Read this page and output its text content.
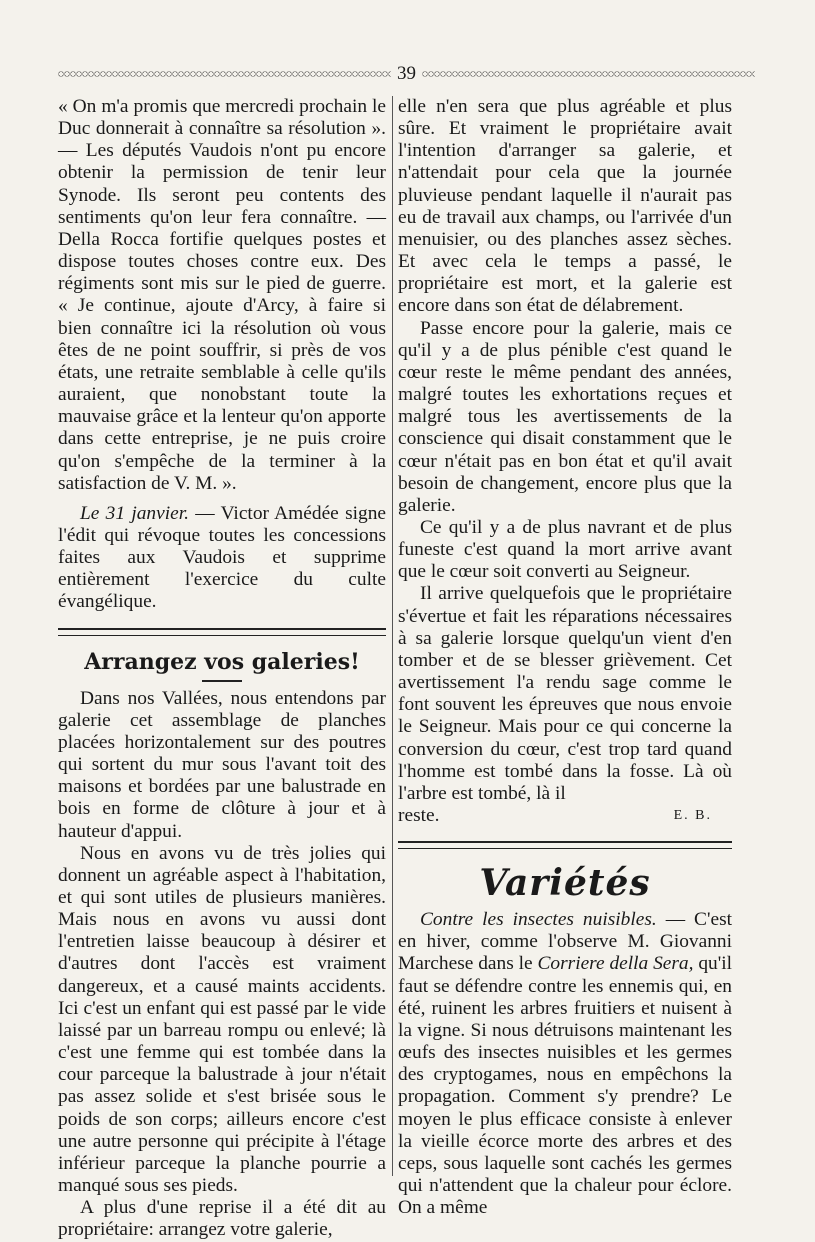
39

« On m'a promis que mercredi prochain le Duc donnerait à connaître sa résolution ». — Les députés Vaudois n'ont pu encore obtenir la permission de tenir leur Synode. Ils seront peu contents des sentiments qu'on leur fera connaître. — Della Rocca fortifie quelques postes et dispose toutes choses contre eux. Des régiments sont mis sur le pied de guerre. « Je continue, ajoute d'Arcy, à faire si bien connaître ici la résolution où vous êtes de ne point souffrir, si près de vos états, une retraite semblable à celle qu'ils auraient, que nonobstant toute la mauvaise grâce et la lenteur qu'on apporte dans cette entreprise, je ne puis croire qu'on s'empêche de la terminer à la satisfaction de V. M. ».

Le 31 janvier. — Victor Amédée signe l'édit qui révoque toutes les concessions faites aux Vaudois et supprime entièrement l'exercice du culte évangélique.

Arrangez vos galeries!

Dans nos Vallées, nous entendons par galerie cet assemblage de planches placées horizontalement sur des poutres qui sortent du mur sous l'avant toit des maisons et bordées par une balustrade en bois en forme de clôture à jour et à hauteur d'appui.

Nous en avons vu de très jolies qui donnent un agréable aspect à l'habitation, et qui sont utiles de plusieurs manières. Mais nous en avons vu aussi dont l'entretien laisse beaucoup à désirer et d'autres dont l'accès est vraiment dangereux, et a causé maints accidents. Ici c'est un enfant qui est passé par le vide laissé par un barreau rompu ou enlevé; là c'est une femme qui est tombée dans la cour parceque la balustrade à jour n'était pas assez solide et s'est brisée sous le poids de son corps; ailleurs encore c'est une autre personne qui précipite à l'étage inférieur parceque la planche pourrie a manqué sous ses pieds.

A plus d'une reprise il a été dit au propriétaire: arrangez votre galerie,

elle n'en sera que plus agréable et plus sûre. Et vraiment le propriétaire avait l'intention d'arranger sa galerie, et n'attendait pour cela que la journée pluvieuse pendant laquelle il n'aurait pas eu de travail aux champs, ou l'arrivée d'un menuisier, ou des planches assez sèches. Et avec cela le temps a passé, le propriétaire est mort, et la galerie est encore dans son état de délabrement.

Passe encore pour la galerie, mais ce qu'il y a de plus pénible c'est quand le cœur reste le même pendant des années, malgré toutes les exhortations reçues et malgré tous les avertissements de la conscience qui disait constamment que le cœur n'était pas en bon état et qu'il avait besoin de changement, encore plus que la galerie.

Ce qu'il y a de plus navrant et de plus funeste c'est quand la mort arrive avant que le cœur soit converti au Seigneur.

Il arrive quelquefois que le propriétaire s'évertue et fait les réparations nécessaires à sa galerie lorsque quelqu'un vient d'en tomber et de se blesser grièvement. Cet avertissement l'a rendu sage comme le font souvent les épreuves que nous envoie le Seigneur. Mais pour ce qui concerne la conversion du cœur, c'est trop tard quand l'homme est tombé dans la fosse. Là où l'arbre est tombé, là il

reste.	E. B.
Variétés

Contre les insectes nuisibles. — C'est en hiver, comme l'observe M. Giovanni Marchese dans le Corriere della Sera, qu'il faut se défendre contre les ennemis qui, en été, ruinent les arbres fruitiers et nuisent à la vigne. Si nous détruisons maintenant les œufs des insectes nuisibles et les germes des cryptogames, nous en empêchons la propagation. Comment s'y prendre? Le moyen le plus efficace consiste à enlever la vieille écorce morte des arbres et des ceps, sous laquelle sont cachés les germes qui n'attendent que la chaleur pour éclore. On a même
